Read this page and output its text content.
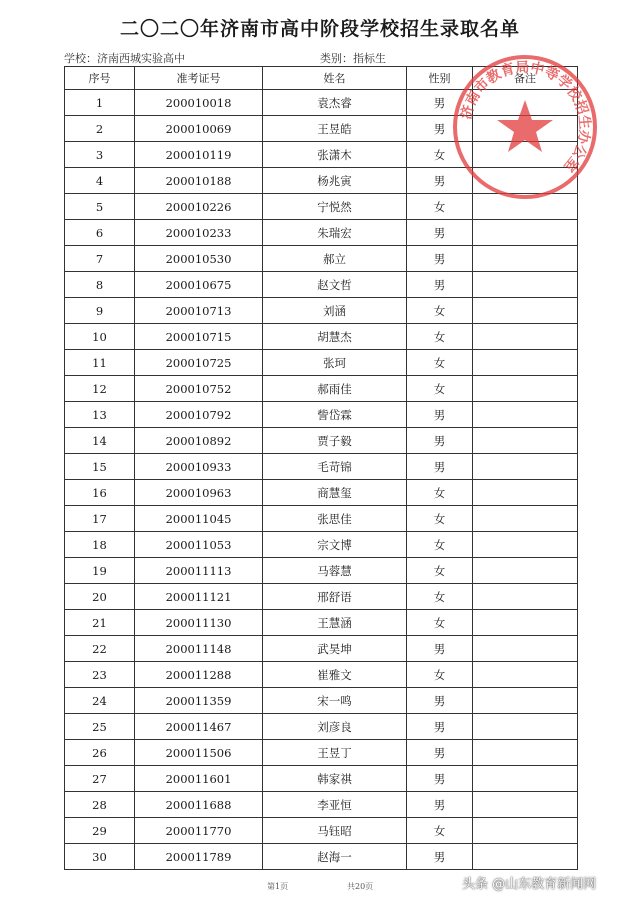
二〇二〇年济南市高中阶段学校招生录取名单
学校：济南西城实验高中	类别：指标生
序号	准考证号	姓名	性别	备注
1	200010018	袁杰睿	男	
2	200010069	王昱皓	男	
3	200010119	张潇木	女	
4	200010188	杨兆寅	男	
5	200010226	宁悦然	女	
6	200010233	朱瑞宏	男	
7	200010530	郝立	男	
8	200010675	赵文哲	男	
9	200010713	刘涵	女	
10	200010715	胡慧杰	女	
11	200010725	张珂	女	
12	200010752	郝雨佳	女	
13	200010792	訾岱霖	男	
14	200010892	贾子毅	男	
15	200010933	毛苛锦	男	
16	200010963	商慧玺	女	
17	200011045	张思佳	女	
18	200011053	宗文博	女	
19	200011113	马蓉慧	女	
20	200011121	邢舒语	女	
21	200011130	王慧涵	女	
22	200011148	武昊坤	男	
23	200011288	崔雅文	女	
24	200011359	宋一鸣	男	
25	200011467	刘彦良	男	
26	200011506	王昱丁	男	
27	200011601	韩家祺	男	
28	200011688	李亚恒	男	
29	200011770	马钰昭	女	
30	200011789	赵海一	男	
济南市教育局中等学校招生办公室
第1页	共20页	头条 @山东教育新闻网
